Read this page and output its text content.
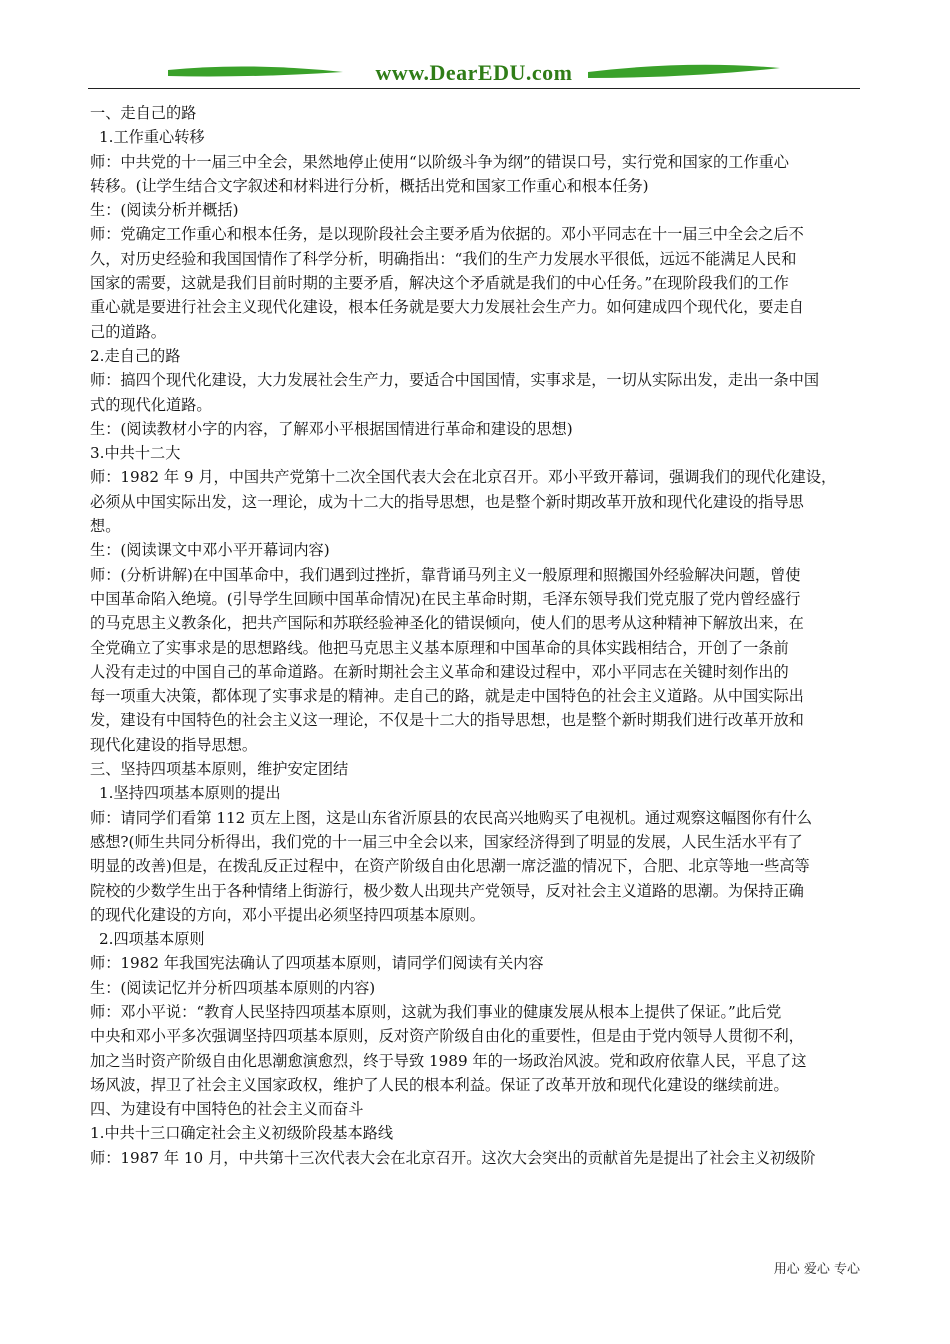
www.DearEDU.com
一、走自己的路
1.工作重心转移
师：中共党的十一届三中全会，果然地停止使用“以阶级斗争为纲”的错误口号，实行党和国家的工作重心
转移。(让学生结合文字叙述和材料进行分析，概括出党和国家工作重心和根本任务)
生：(阅读分析并概括)
师：党确定工作重心和根本任务，是以现阶段社会主要矛盾为依据的。邓小平同志在十一届三中全会之后不
久，对历史经验和我国国情作了科学分析，明确指出：“我们的生产力发展水平很低，远远不能满足人民和
国家的需要，这就是我们目前时期的主要矛盾，解决这个矛盾就是我们的中心任务。”在现阶段我们的工作
重心就是要进行社会主义现代化建设，根本任务就是要大力发展社会生产力。如何建成四个现代化，要走自
己的道路。
2.走自己的路
师：搞四个现代化建设，大力发展社会生产力，要适合中国国情，实事求是，一切从实际出发，走出一条中国
式的现代化道路。
生：(阅读教材小字的内容，了解邓小平根据国情进行革命和建设的思想)
3.中共十二大
师：1982 年 9 月，中国共产党第十二次全国代表大会在北京召开。邓小平致开幕词，强调我们的现代化建设，
必须从中国实际出发，这一理论，成为十二大的指导思想，也是整个新时期改革开放和现代化建设的指导思
想。
生：(阅读课文中邓小平开幕词内容)
师：(分析讲解)在中国革命中，我们遇到过挫折，靠背诵马列主义一般原理和照搬国外经验解决问题，曾使
中国革命陷入绝境。(引导学生回顾中国革命情况)在民主革命时期，毛泽东领导我们党克服了党内曾经盛行
的马克思主义教条化，把共产国际和苏联经验神圣化的错误倾向，使人们的思考从这种精神下解放出来，在
全党确立了实事求是的思想路线。他把马克思主义基本原理和中国革命的具体实践相结合，开创了一条前
人没有走过的中国自己的革命道路。在新时期社会主义革命和建设过程中，邓小平同志在关键时刻作出的
每一项重大决策，都体现了实事求是的精神。走自己的路，就是走中国特色的社会主义道路。从中国实际出
发，建设有中国特色的社会主义这一理论，不仅是十二大的指导思想，也是整个新时期我们进行改革开放和
现代化建设的指导思想。
三、坚持四项基本原则，维护安定团结
1.坚持四项基本原则的提出
师：请同学们看第 112 页左上图，这是山东省沂原县的农民高兴地购买了电视机。通过观察这幅图你有什么
感想?(师生共同分析得出，我们党的十一届三中全会以来，国家经济得到了明显的发展，人民生活水平有了
明显的改善)但是，在拨乱反正过程中，在资产阶级自由化思潮一席泛滥的情况下，合肥、北京等地一些高等
院校的少数学生出于各种情绪上街游行，极少数人出现共产党领导，反对社会主义道路的思潮。为保持正确
的现代化建设的方向，邓小平提出必须坚持四项基本原则。
2.四项基本原则
师：1982 年我国宪法确认了四项基本原则，请同学们阅读有关内容
生：(阅读记忆并分析四项基本原则的内容)
师：邓小平说：“教育人民坚持四项基本原则，这就为我们事业的健康发展从根本上提供了保证。”此后党
中央和邓小平多次强调坚持四项基本原则，反对资产阶级自由化的重要性，但是由于党内领导人贯彻不利，
加之当时资产阶级自由化思潮愈演愈烈，终于导致 1989 年的一场政治风波。党和政府依靠人民，平息了这
场风波，捍卫了社会主义国家政权，维护了人民的根本利益。保证了改革开放和现代化建设的继续前进。
四、为建设有中国特色的社会主义而奋斗
1.中共十三口确定社会主义初级阶段基本路线
师：1987 年 10 月，中共第十三次代表大会在北京召开。这次大会突出的贡献首先是提出了社会主义初级阶
用心 爱心 专心
